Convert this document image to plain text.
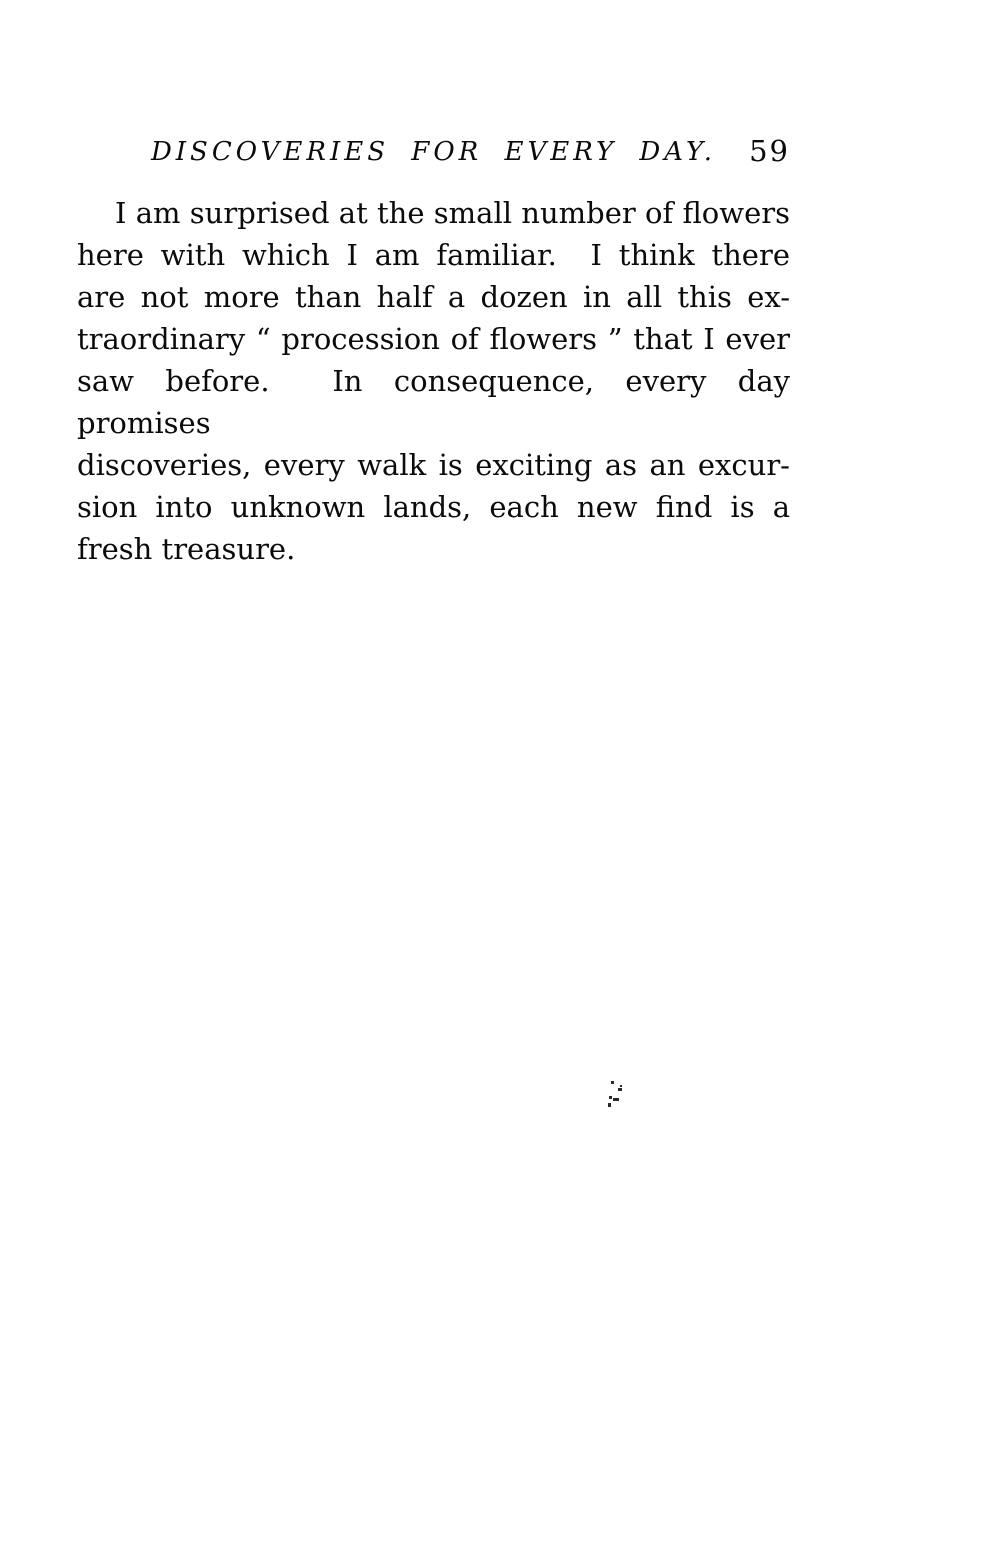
DISCOVERIES FOR EVERY DAY.	59
I am surprised at the small number of flowers
here with which I am familiar.  I think there
are not more than half a dozen in all this ex-
traordinary “ procession of flowers ” that I ever
saw before.  In consequence, every day promises
discoveries, every walk is exciting as an excur-
sion into unknown lands, each new find is a
fresh treasure.
